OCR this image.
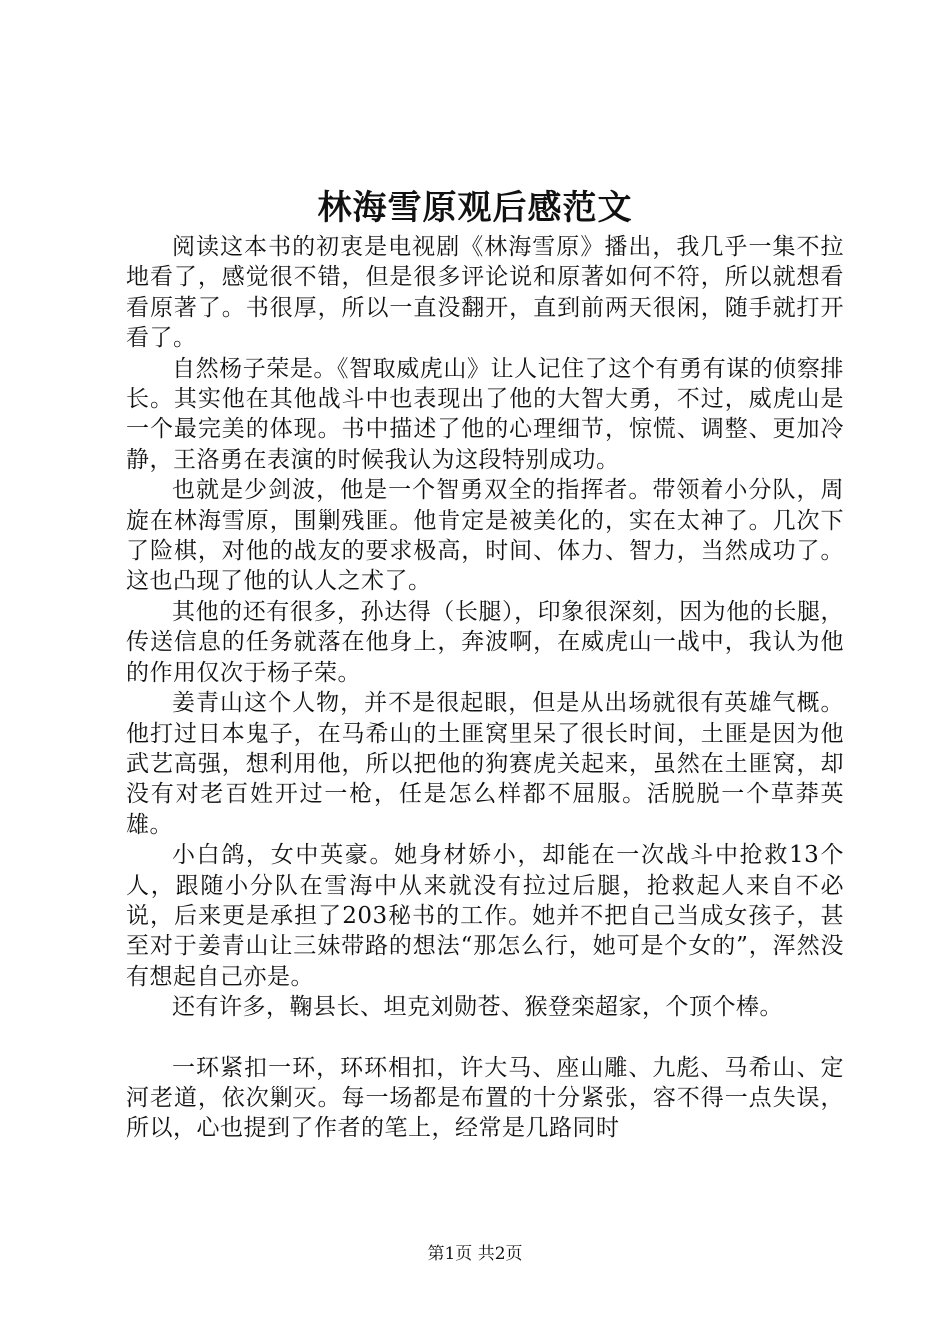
林海雪原观后感范文

阅读这本书的初衷是电视剧《林海雪原》播出，我几乎一集不拉地看了，感觉很不错，但是很多评论说和原著如何不符，所以就想看看原著了。书很厚，所以一直没翻开，直到前两天很闲，随手就打开看了。

自然杨子荣是。《智取威虎山》让人记住了这个有勇有谋的侦察排长。其实他在其他战斗中也表现出了他的大智大勇，不过，威虎山是一个最完美的体现。书中描述了他的心理细节，惊慌、调整、更加冷静，王洛勇在表演的时候我认为这段特别成功。

也就是少剑波，他是一个智勇双全的指挥者。带领着小分队，周旋在林海雪原，围剿残匪。他肯定是被美化的，实在太神了。几次下了险棋，对他的战友的要求极高，时间、体力、智力，当然成功了。这也凸现了他的认人之术了。

其他的还有很多，孙达得（长腿），印象很深刻，因为他的长腿，传送信息的任务就落在他身上，奔波啊，在威虎山一战中，我认为他的作用仅次于杨子荣。

姜青山这个人物，并不是很起眼，但是从出场就很有英雄气概。他打过日本鬼子，在马希山的土匪窝里呆了很长时间，土匪是因为他武艺高强，想利用他，所以把他的狗赛虎关起来，虽然在土匪窝，却没有对老百姓开过一枪，任是怎么样都不屈服。活脱脱一个草莽英雄。

小白鸽，女中英豪。她身材娇小，却能在一次战斗中抢救13个人，跟随小分队在雪海中从来就没有拉过后腿，抢救起人来自不必说，后来更是承担了203秘书的工作。她并不把自己当成女孩子，甚至对于姜青山让三妹带路的想法“那怎么行，她可是个女的”，浑然没有想起自己亦是。

还有许多，鞠县长、坦克刘勋苍、猴登栾超家，个顶个棒。

一环紧扣一环，环环相扣，许大马、座山雕、九彪、马希山、定河老道，依次剿灭。每一场都是布置的十分紧张，容不得一点失误，所以，心也提到了作者的笔上，经常是几路同时

第1页 共2页
